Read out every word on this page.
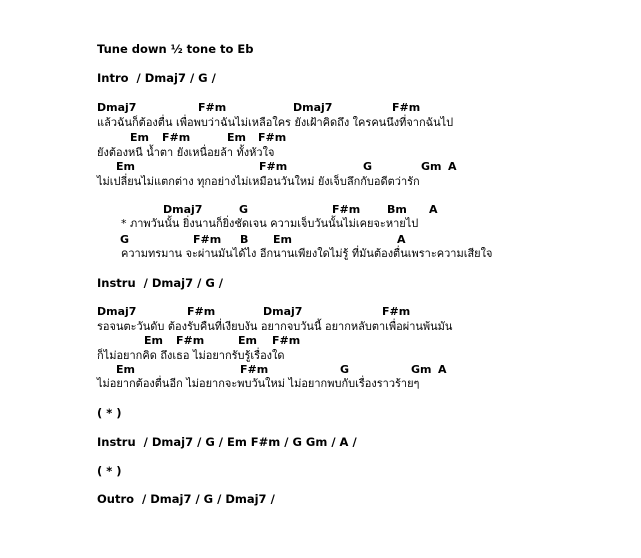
Tune down ½ tone to Eb
Intro  / Dmaj7 / G /
Dmaj7	F#m	Dmaj7	F#m
แล้วฉันก็ต้องตื่น เพื่อพบว่าฉันไม่เหลือใคร ยังเฝ้าคิดถึง ใครคนนึงที่จากฉันไป
Em F#m	Em F#m
ยังต้องหนี น้ำตา ยังเหนื่อยล้า ทั้งหัวใจ
Em	F#m	G	Gm A
ไม่เปลี่ยนไม่แตกต่าง ทุกอย่างไม่เหมือนวันใหม่ ยังเจ็บลึกกับอดีตว่ารัก
Dmaj7	G	F#m Bm A
* ภาพวันนั้น ยิ่งนานก็ยิ่งชัดเจน ความเจ็บวันนั้นไม่เคยจะหายไป
G	F#m B Em	A
ความทรมาน จะผ่านมันได้ไง อีกนานเพียงใดไม่รู้ ที่มันต้องตื่นเพราะความเสียใจ
Instru  / Dmaj7 / G /
Dmaj7	F#m	Dmaj7	F#m
รอจนตะวันดับ ต้องรับคืนที่เงียบงัน อยากจบวันนี้ อยากหลับตาเพื่อผ่านพ้นมัน
Em F#m	Em F#m
ก็ไม่อยากคิด ถึงเธอ ไม่อยากรับรู้เรื่องใด
Em	F#m	G	Gm A
ไม่อยากต้องตื่นอีก ไม่อยากจะพบวันใหม่ ไม่อยากพบกับเรื่องราวร้ายๆ
( * )
Instru  / Dmaj7 / G / Em F#m / G Gm / A /
( * )
Outro  / Dmaj7 / G / Dmaj7 /
